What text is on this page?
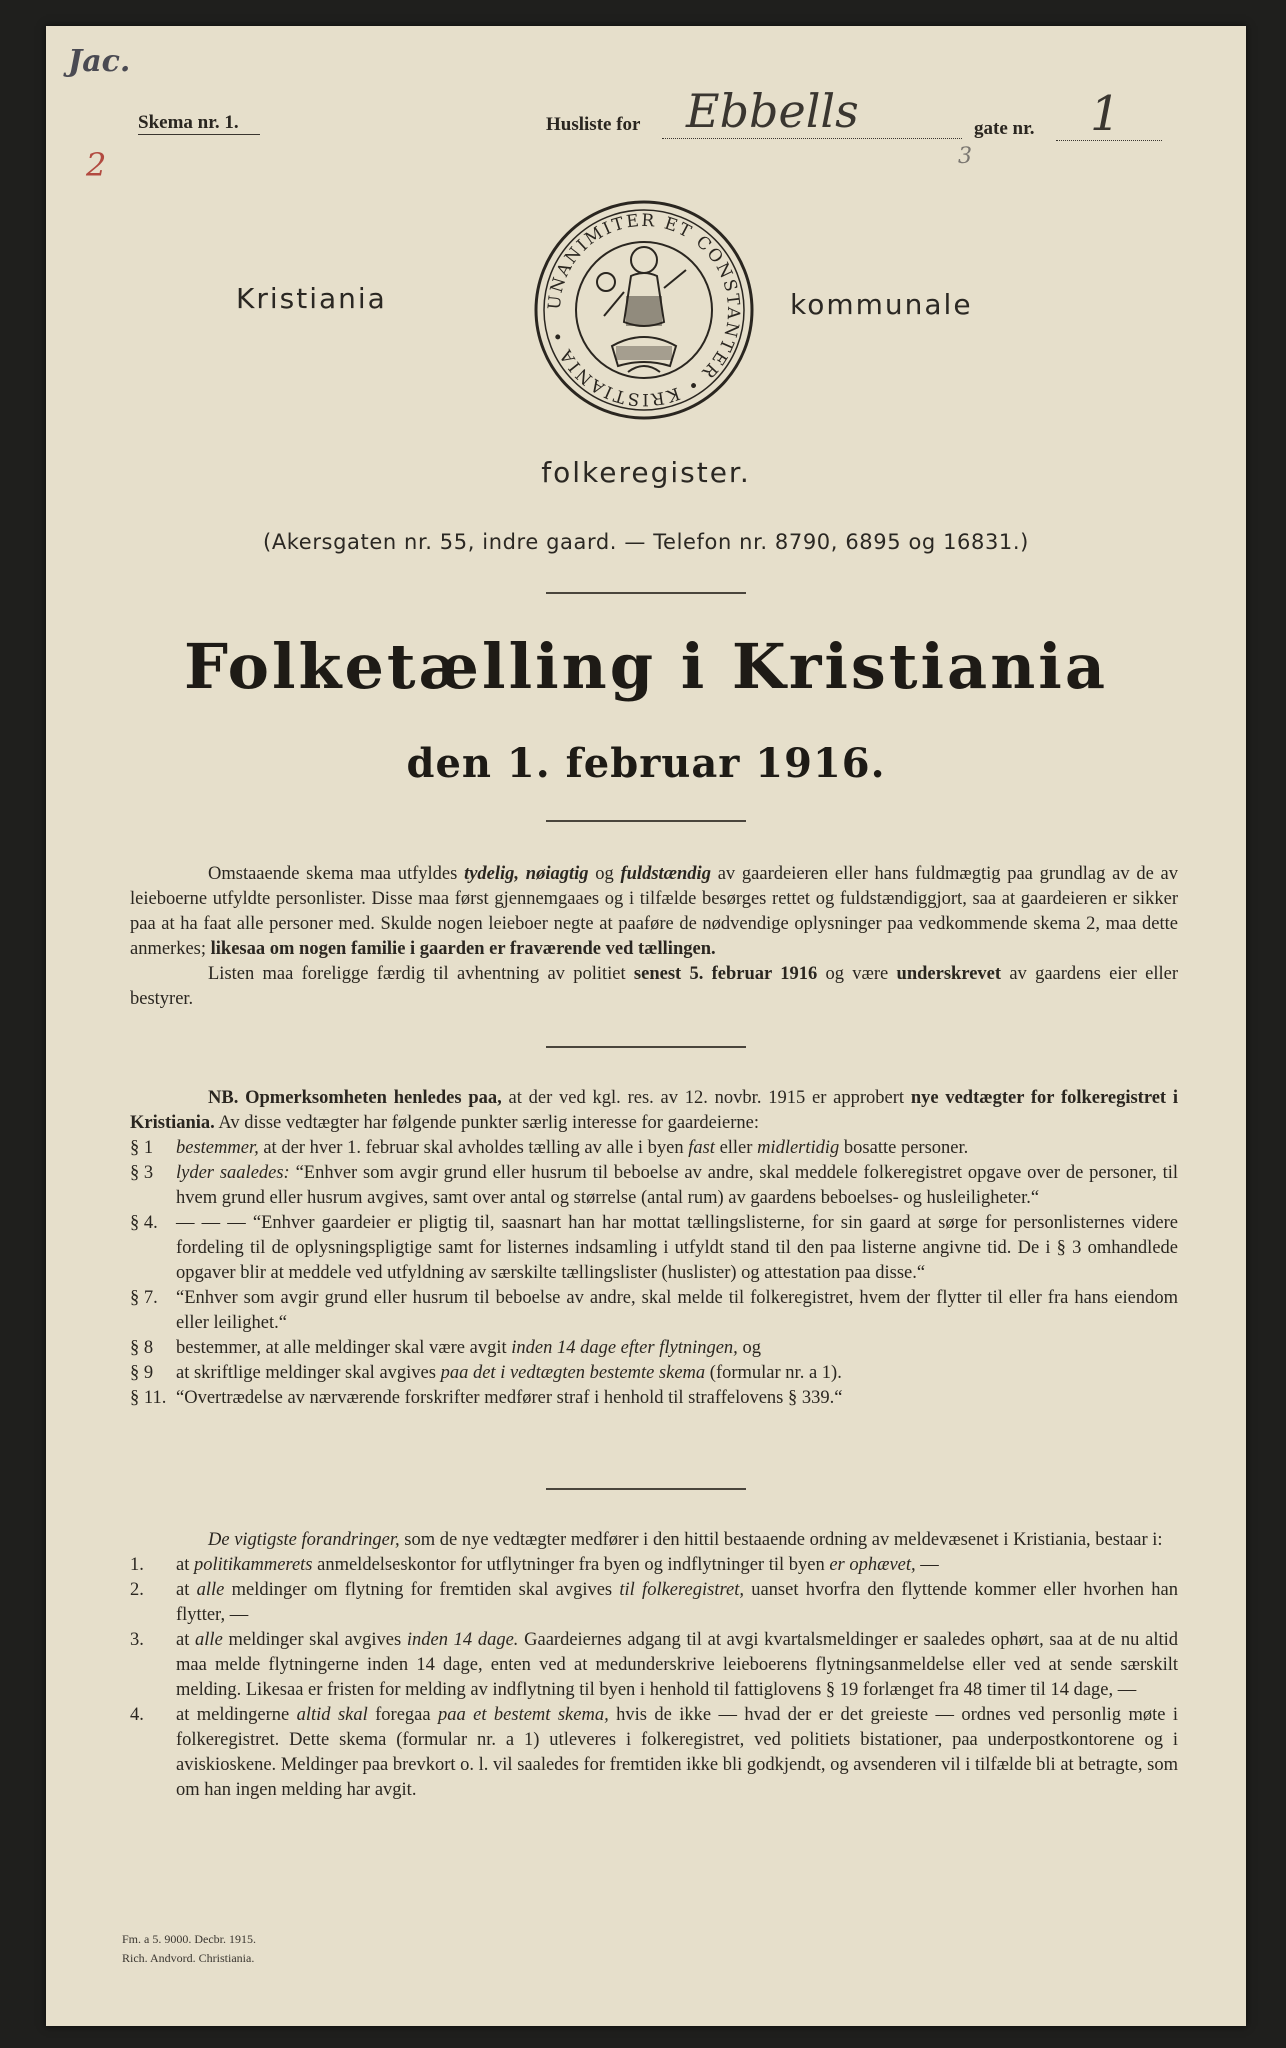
Jac.
2
Skema nr. 1.	Husliste for Ebbells	gate nr. 1
3
UNANIMITER ET CONSTANTER • KRISTIANIA •
Kristiania	kommunale
folkeregister.
(Akersgaten nr. 55, indre gaard. — Telefon nr. 8790, 6895 og 16831.)
Folketælling i Kristiania
den 1. februar 1916.

Omstaaende skema maa utfyldes tydelig, nøiagtig og fuldstændig av gaardeieren eller hans fuldmægtig paa grundlag av de av leieboerne utfyldte personlister. Disse maa først gjennemgaaes og i tilfælde besørges rettet og fuldstændiggjort, saa at gaardeieren er sikker paa at ha faat alle personer med. Skulde nogen leieboer negte at paaføre de nødvendige oplysninger paa vedkommende skema 2, maa dette anmerkes; likesaa om nogen familie i gaarden er fraværende ved tællingen.

Listen maa foreligge færdig til avhentning av politiet senest 5. februar 1916 og være underskrevet av gaardens eier eller bestyrer.

NB. Opmerksomheten henledes paa, at der ved kgl. res. av 12. novbr. 1915 er approbert nye vedtægter for folkeregistret i Kristiania. Av disse vedtægter har følgende punkter særlig interesse for gaardeierne:

§ 1	bestemmer, at der hver 1. februar skal avholdes tælling av alle i byen fast eller midlertidig bosatte personer.
§ 3	lyder saaledes: “Enhver som avgir grund eller husrum til beboelse av andre, skal meddele folkeregistret opgave over de personer, til hvem grund eller husrum avgives, samt over antal og størrelse (antal rum) av gaardens beboelses- og husleiligheter.“
§ 4. — — — “Enhver gaardeier er pligtig til, saasnart han har mottat tællingslisterne, for sin gaard at sørge for personlisternes videre fordeling til de oplysningspligtige samt for listernes indsamling i utfyldt stand til den paa listerne angivne tid. De i § 3 omhandlede opgaver blir at meddele ved utfyldning av særskilte tællingslister (huslister) og attestation paa disse.“
§ 7. “Enhver som avgir grund eller husrum til beboelse av andre, skal melde til folkeregistret, hvem der flytter til eller fra hans eiendom eller leilighet.“
§ 8	bestemmer, at alle meldinger skal være avgit inden 14 dage efter flytningen, og
§ 9	at skriftlige meldinger skal avgives paa det i vedtægten bestemte skema (formular nr. a 1).
§ 11. “Overtrædelse av nærværende forskrifter medfører straf i henhold til straffelovens § 339.“

De vigtigste forandringer, som de nye vedtægter medfører i den hittil bestaaende ordning av meldevæsenet i Kristiania, bestaar i:

1.	at politikammerets anmeldelseskontor for utflytninger fra byen og indflytninger til byen er ophævet, —
2.	at alle meldinger om flytning for fremtiden skal avgives til folkeregistret, uanset hvorfra den flyttende kommer eller hvorhen han flytter, —
3.	at alle meldinger skal avgives inden 14 dage. Gaardeiernes adgang til at avgi kvartalsmeldinger er saaledes ophørt, saa at de nu altid maa melde flytningerne inden 14 dage, enten ved at medunderskrive leieboerens flytningsanmeldelse eller ved at sende særskilt melding. Likesaa er fristen for melding av indflytning til byen i henhold til fattiglovens § 19 forlænget fra 48 timer til 14 dage, —
4.	at meldingerne altid skal foregaa paa et bestemt skema, hvis de ikke — hvad der er det greieste — ordnes ved personlig møte i folkeregistret. Dette skema (formular nr. a 1) utleveres i folkeregistret, ved politiets bistationer, paa underpostkontorene og i aviskioskene. Meldinger paa brevkort o. l. vil saaledes for fremtiden ikke bli godkjendt, og avsenderen vil i tilfælde bli at betragte, som om han ingen melding har avgit.
Fm. a 5. 9000. Decbr. 1915.
Rich. Andvord. Christiania.
